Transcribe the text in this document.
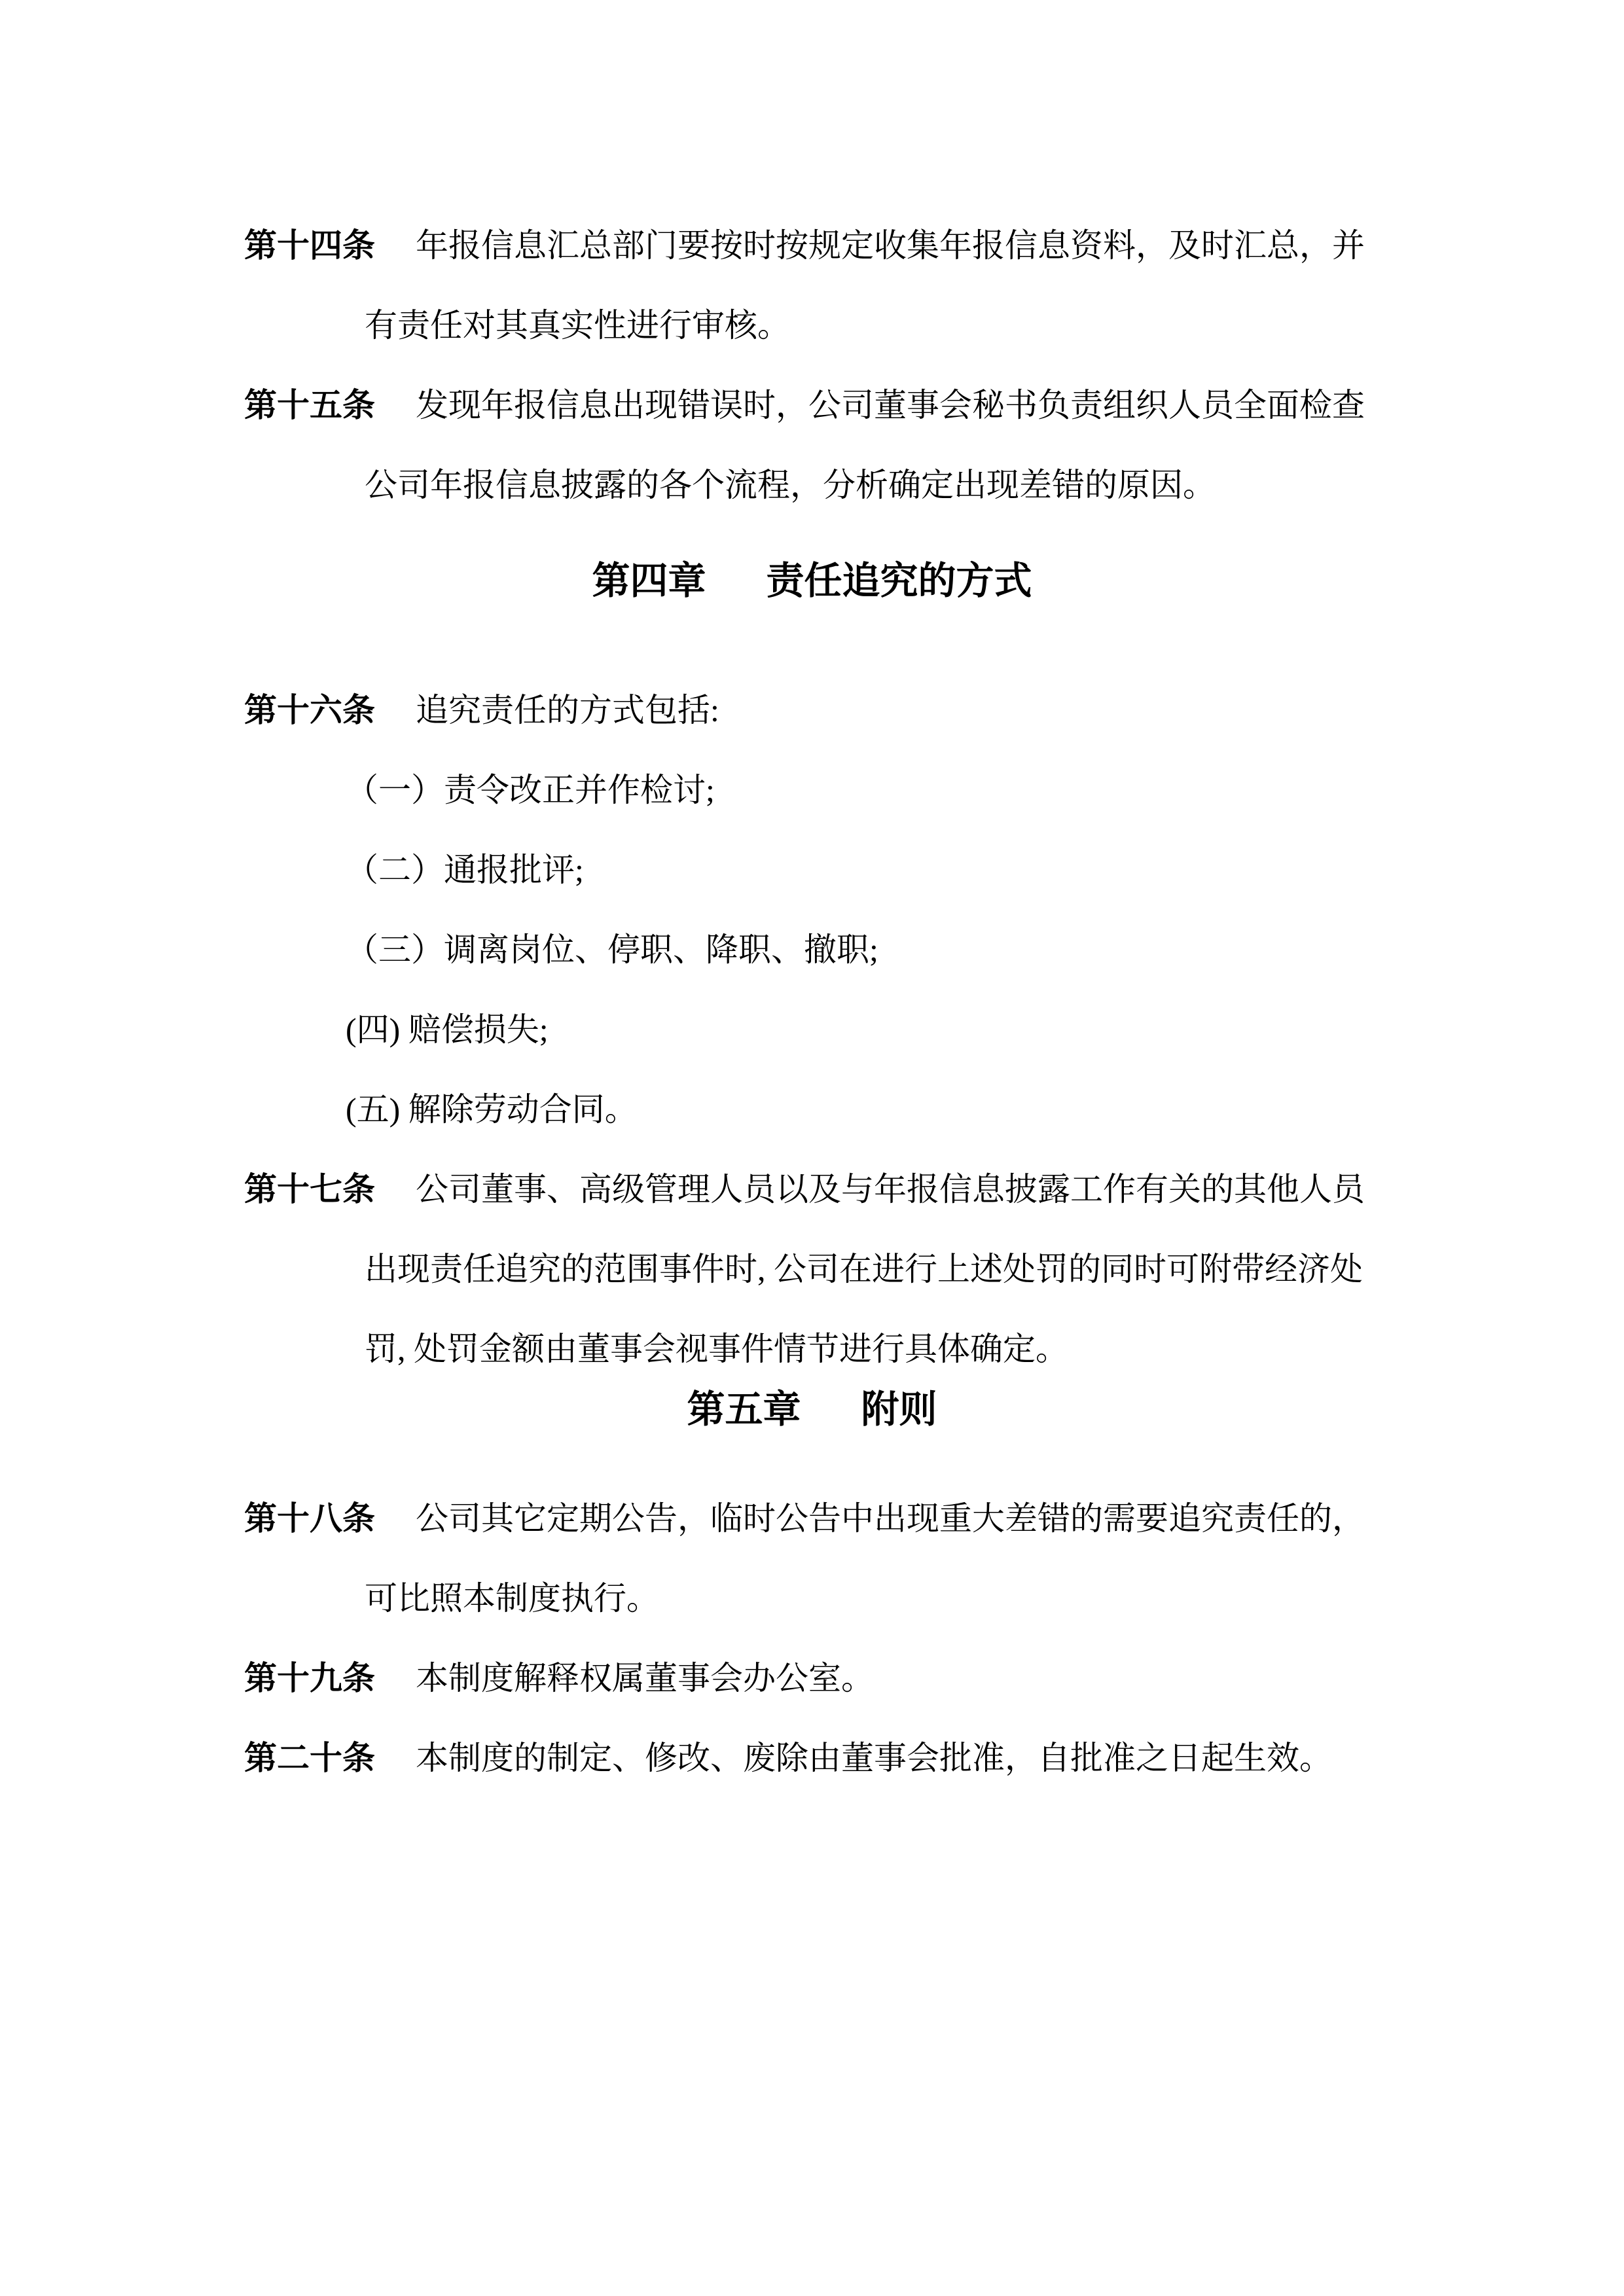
第十四条 年报信息汇总部门要按时按规定收集年报信息资料，及时汇总，并
有责任对其真实性进行审核。
第十五条 发现年报信息出现错误时，公司董事会秘书负责组织人员全面检查
公司年报信息披露的各个流程，分析确定出现差错的原因。
第四章 责任追究的方式
第十六条 追究责任的方式包括:
（一）责令改正并作检讨;
（二）通报批评;
（三）调离岗位、停职、降职、撤职;
(四) 赔偿损失;
(五) 解除劳动合同。
第十七条 公司董事、高级管理人员以及与年报信息披露工作有关的其他人员
出现责任追究的范围事件时, 公司在进行上述处罚的同时可附带经济处
罚, 处罚金额由董事会视事件情节进行具体确定。
第五章 附则
第十八条 公司其它定期公告，临时公告中出现重大差错的需要追究责任的，
可比照本制度执行。
第十九条 本制度解释权属董事会办公室。
第二十条 本制度的制定、修改、废除由董事会批准，自批准之日起生效。
